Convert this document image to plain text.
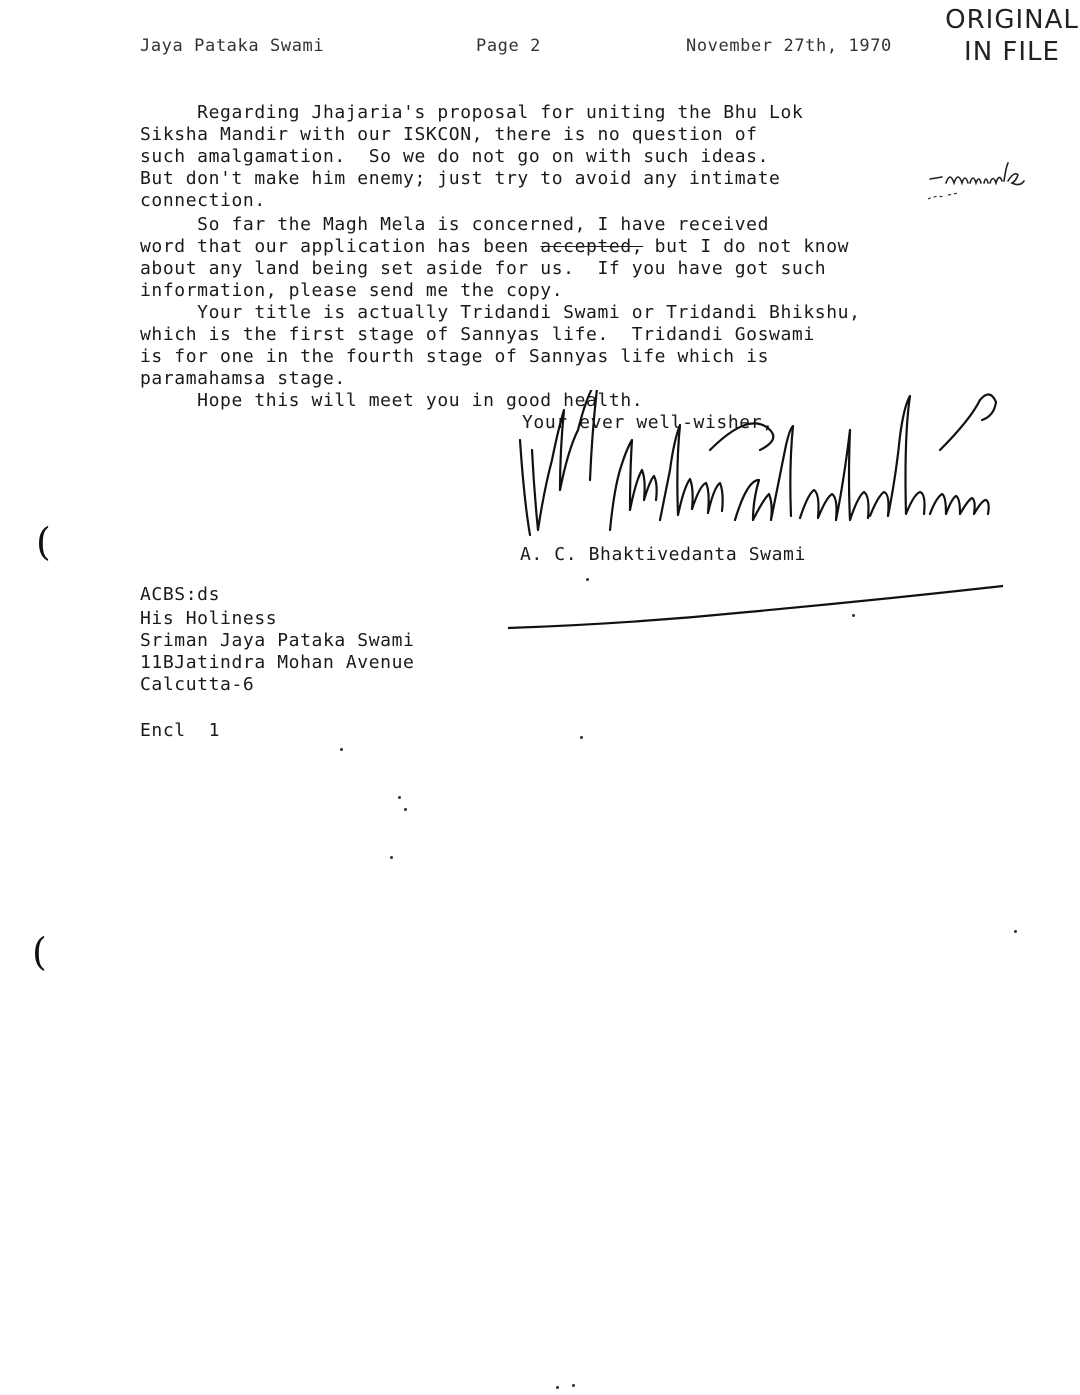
Jaya Pataka Swami	Page 2	November 27th, 1970
ORIGINAL
IN FILE
Regarding Jhajaria's proposal for uniting the Bhu Lok
Siksha Mandir with our ISKCON, there is no question of
such amalgamation.  So we do not go on with such ideas.
But don't make him enemy; just try to avoid any intimate
connection.
So far the Magh Mela is concerned, I have received
word that our application has been accepted, but I do not know
about any land being set aside for us.  If you have got such
information, please send me the copy.
Your title is actually Tridandi Swami or Tridandi Bhikshu,
which is the first stage of Sannyas life.  Tridandi Goswami
is for one in the fourth stage of Sannyas life which is
paramahamsa stage.
Hope this will meet you in good health.
Your ever well-wisher,
A. C. Bhaktivedanta Swami
ACBS:ds
His Holiness
Sriman Jaya Pataka Swami
11BJatindra Mohan Avenue
Calcutta-6
Encl  1
(
(
